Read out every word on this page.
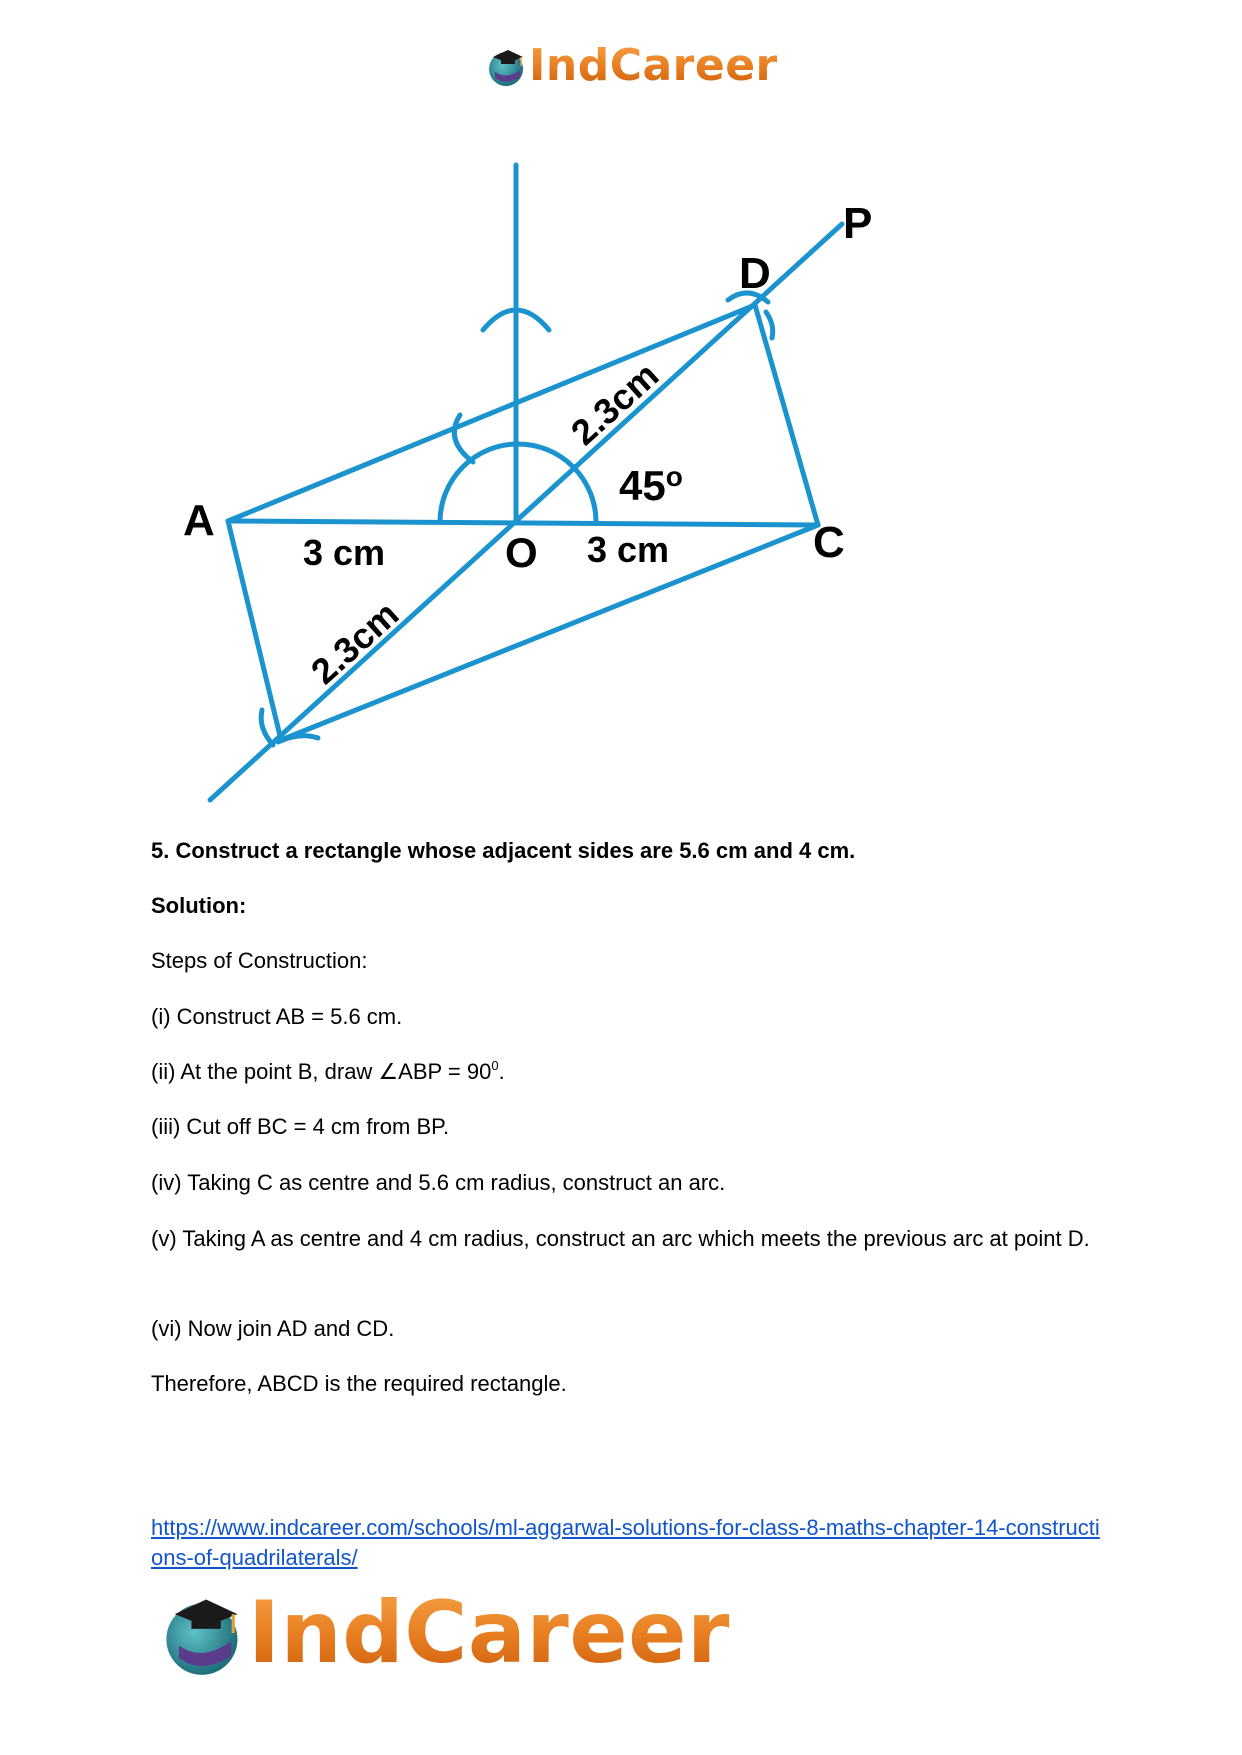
IndCareer
A	C
D
P
O
3 cm	3 cm
45$^o$
2.3cm
2.3cm
5. Construct a rectangle whose adjacent sides are 5.6 cm and 4 cm.
Solution:
Steps of Construction:
(i) Construct AB = 5.6 cm.
(ii) At the point B, draw ∠ABP = $90^0$.
(iii) Cut off BC = 4 cm from BP.
(iv) Taking C as centre and 5.6 cm radius, construct an arc.
(v) Taking A as centre and 4 cm radius, construct an arc which meets the previous arc at point D.
(vi) Now join AD and CD.
Therefore, ABCD is the required rectangle.
https://www.indcareer.com/schools/ml-aggarwal-solutions-for-class-8-maths-chapter-14-constructions-of-quadrilaterals/
IndCareer
